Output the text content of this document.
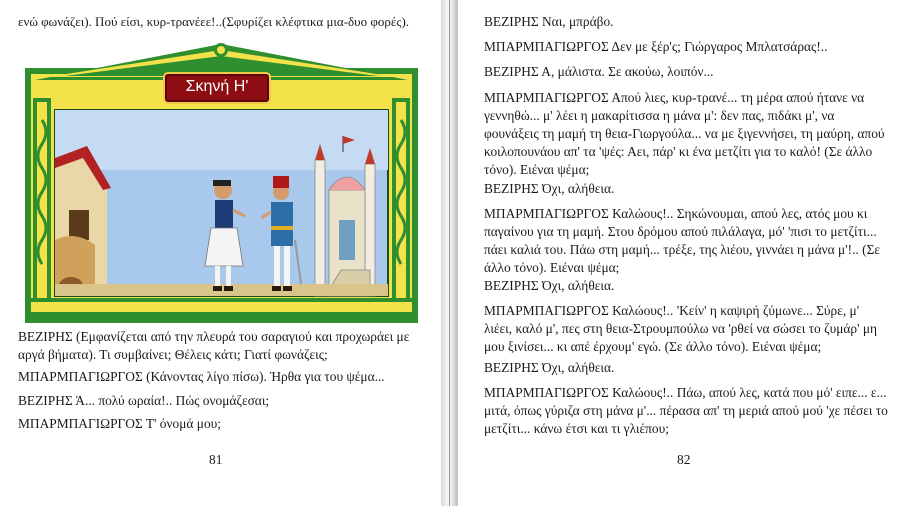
ενώ φωνάζει). Πού είσι, κυρ-τρανέεε!..(Σφυρίζει κλέφτικα μια-δυο φορές).

Σκηνή Η'

ΒΕΖΙΡΗΣ (Εμφανίζεται από την πλευρά του σαραγιού και προχωράει με αργά βήματα). Τι συμβαίνει; Θέλεις κάτι; Γιατί φωνάζεις;

ΜΠΑΡΜΠΑΓΙΩΡΓΟΣ (Κάνοντας λίγο πίσω). Ήρθα για του ψέμα...

ΒΕΖΙΡΗΣ Ά... πολύ ωραία!.. Πώς ονομάζεσαι;

ΜΠΑΡΜΠΑΓΙΩΡΓΟΣ Τ' όνομά μου;

81

ΒΕΖΙΡΗΣ Ναι, μπράβο.

ΜΠΑΡΜΠΑΓΙΩΡΓΟΣ Δεν με ξέρ'ς; Γιώργαρος Μπλατσάρας!..

ΒΕΖΙΡΗΣ Α, μάλιστα. Σε ακούω, λοιπόν...

ΜΠΑΡΜΠΑΓΙΩΡΓΟΣ Απού λιες, κυρ-τρανέ... τη μέρα απού ήτανε να γεννηθώ... μ' λέει η μακαρίτισσα η μάνα μ': δεν πας, πιδάκι μ', να φουνάξεις τη μαμή τη θεια-Γιωργούλα... να με ξιγεννήσει, τη μαύρη, απού κοιλοπουνάου απ' τα 'ψές: Αει, πάρ' κι ένα μετζίτι για το καλό! (Σε άλλο τόνο). Ειέναι ψέμα;

ΒΕΖΙΡΗΣ Όχι, αλήθεια.

ΜΠΑΡΜΠΑΓΙΩΡΓΟΣ Καλώους!.. Σηκώνουμαι, απού λες, ατός μου κι παγαίνου για τη μαμή. Στου δρόμου απού πιλάλαγα, μό' 'πισι το μετζίτι... πάει καλιά του. Πάω στη μαμή... τρέξε, της λιέου, γιννάει η μάνα μ'!.. (Σε άλλο τόνο). Ειέναι ψέμα;

ΒΕΖΙΡΗΣ Όχι, αλήθεια.

ΜΠΑΡΜΠΑΓΙΩΡΓΟΣ Καλώους!.. 'Κείν' η καψιρή ζύμωνε... Σύρε, μ' λιέει, καλό μ', πες στη θεια-Στρουμπούλω να 'ρθεί να σώσει το ζυμάρ' μη μου ξινίσει... κι απέ έρχουμ' εγώ. (Σε άλλο τόνο). Ειέναι ψέμα;

ΒΕΖΙΡΗΣ Όχι, αλήθεια.

ΜΠΑΡΜΠΑΓΙΩΡΓΟΣ Καλώους!.. Πάω, απού λες, κατά που μό' ειπε... ε... μιτά, όπως γύριζα στη μάνα μ'... πέρασα απ' τη μεριά απού μού 'χε πέσει το μετζίτι... κάνω έτσι και τι γλιέπου;

82
